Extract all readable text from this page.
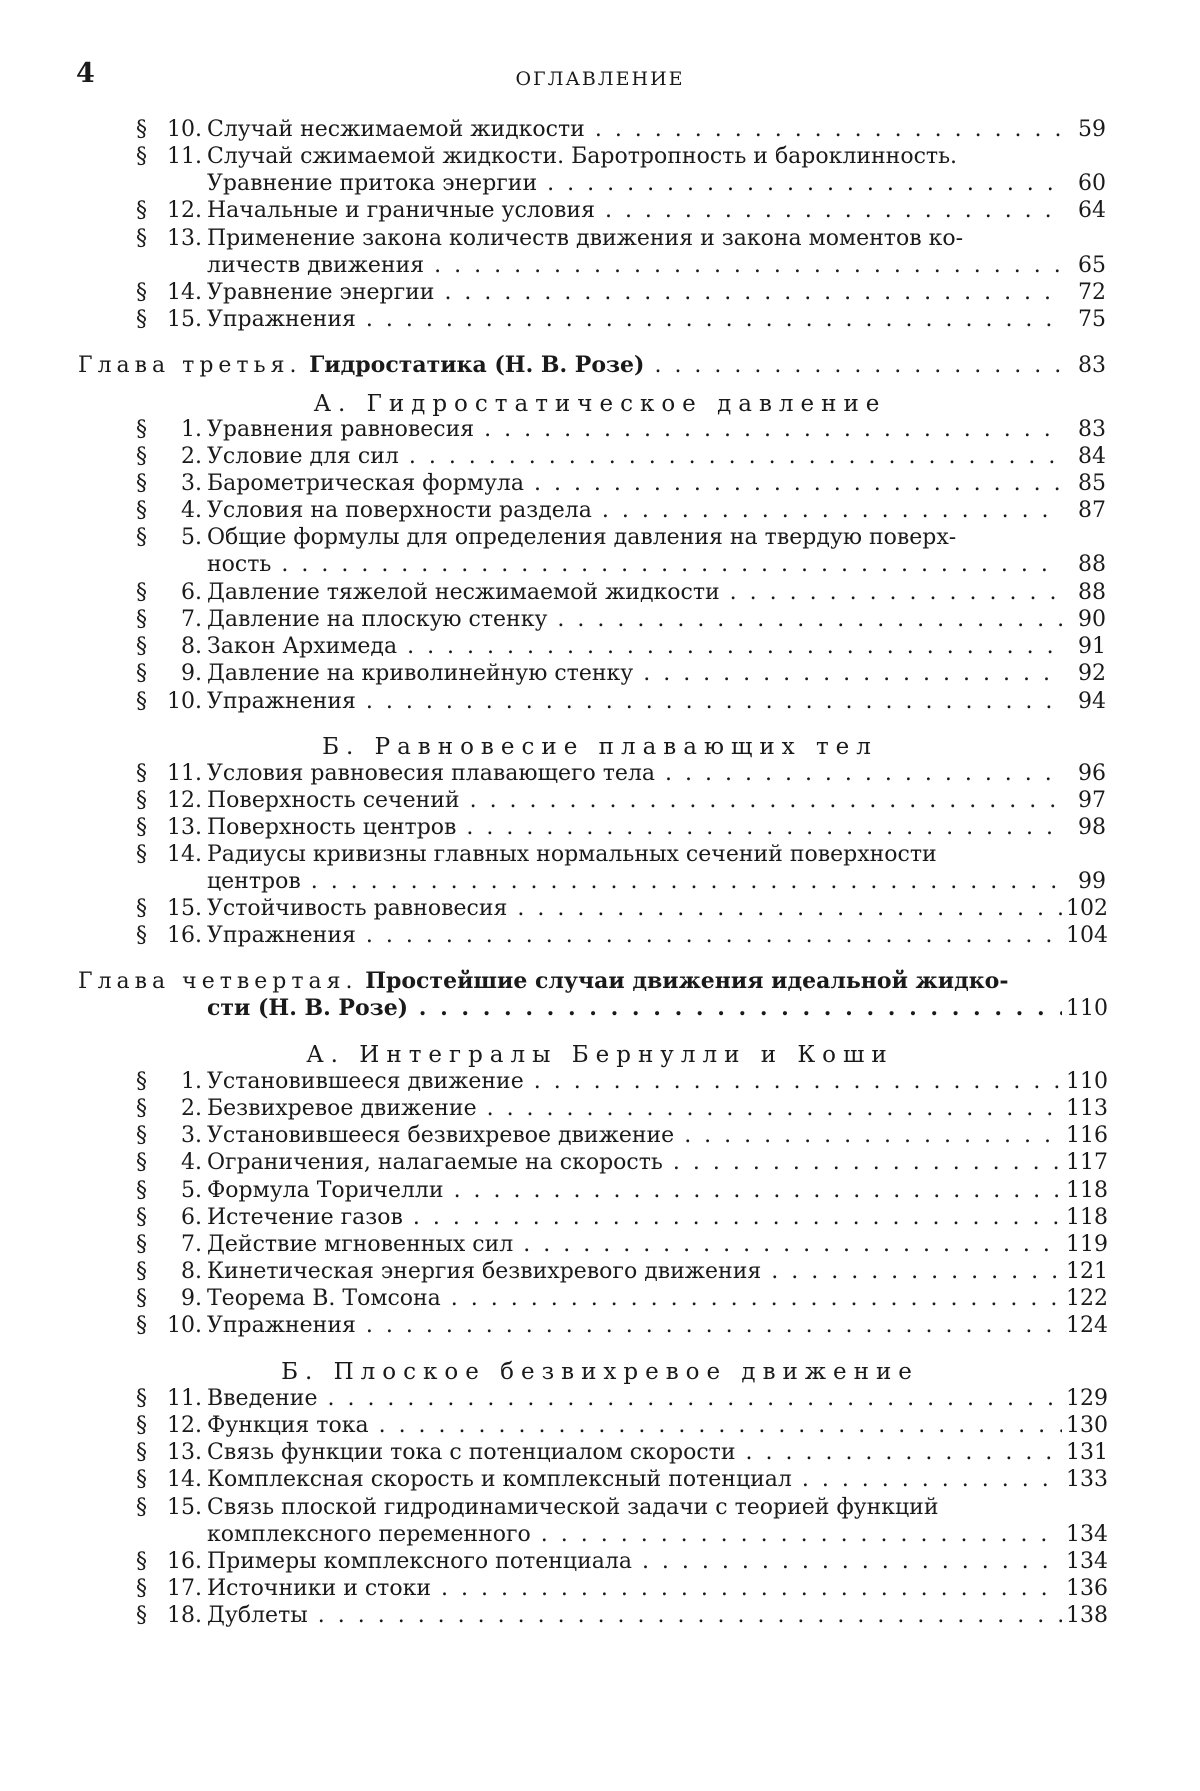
4	ОГЛАВЛЕНИЕ
§ 10. Случай несжимаемой жидкости . . .	59
§ 11. Случай сжимаемой жидкости. Баротропность и бароклинность.
Уравнение притока энергии . . .	60
§ 12. Начальные и граничные условия . . .	64
§ 13. Применение закона количеств движения и закона моментов ко-
личеств движения . . .	65
§ 14. Уравнение энергии . . .	72
§ 15. Упражнения . . .	75
Глава третья. Гидростатика (Н. В. Розе) . . .	83
А. Гидростатическое давление
§	1. Уравнения равновесия . . .	83
§	2. Условие для сил . . .	84
§	3. Барометрическая формула . . .	85
§	4. Условия на поверхности раздела . . .	87
§	5. Общие формулы для определения давления на твердую поверх-
ность . . .	88
§	6. Давление тяжелой несжимаемой жидкости . . .	88
§	7. Давление на плоскую стенку . . .	90
§	8. Закон Архимеда . . .	91
§	9. Давление на криволинейную стенку . . .	92
§ 10. Упражнения . . .	94
Б. Равновесие плавающих тел
§ 11. Условия равновесия плавающего тела . . .	96
§ 12. Поверхность сечений . . .	97
§ 13. Поверхность центров . . .	98
§ 14. Радиусы кривизны главных нормальных сечений поверхности
центров . . .	99
§ 15. Устойчивость равновесия . . .	102
§ 16. Упражнения . . .	104
Глава четвертая. Простейшие случаи движения идеальной жидко-
сти (Н. В. Розе) . . .	110
А. Интегралы Бернулли и Коши
§	1. Установившееся движение . . .	110
§	2. Безвихревое движение . . .	113
§	3. Установившееся безвихревое движение . . .	116
§	4. Ограничения, налагаемые на скорость . . .	117
§	5. Формула Торичелли . . .	118
§	6. Истечение газов . . .	118
§	7. Действие мгновенных сил . . .	119
§	8. Кинетическая энергия безвихревого движения . . .	121
§	9. Теорема В. Томсона . . .	122
§ 10. Упражнения . . .	124
Б. Плоское безвихревое движение
§ 11. Введение . . .	129
§ 12. Функция тока . . .	130
§ 13. Связь функции тока с потенциалом скорости . . .	131
§ 14. Комплексная скорость и комплексный потенциал . . .	133
§ 15. Связь плоской гидродинамической задачи с теорией функций
комплексного переменного . . .	134
§ 16. Примеры комплексного потенциала . . .	134
§ 17. Источники и стоки . . .	136
§ 18. Дублеты . . .	138
